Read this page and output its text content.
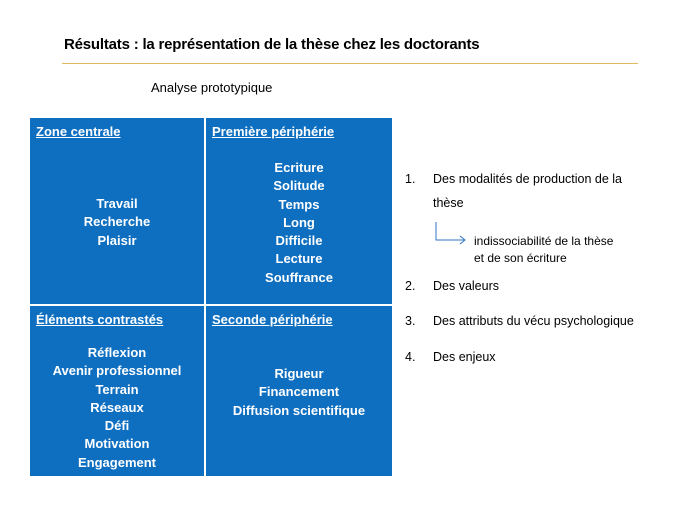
Résultats : la représentation de la thèse chez les doctorants
Analyse prototypique
Zone centrale
Travail
Recherche
Plaisir
Première périphérie
Ecriture
Solitude
Temps
Long
Difficile
Lecture
Souffrance
Éléments contrastés
Réflexion
Avenir professionnel
Terrain
Réseaux
Défi
Motivation
Engagement
Seconde périphérie
Rigueur
Financement
Diffusion scientifique
1. Des modalités de production de la
thèse
indissociabilité de la thèse
et de son écriture
2. Des valeurs
3. Des attributs du vécu psychologique
4. Des enjeux
